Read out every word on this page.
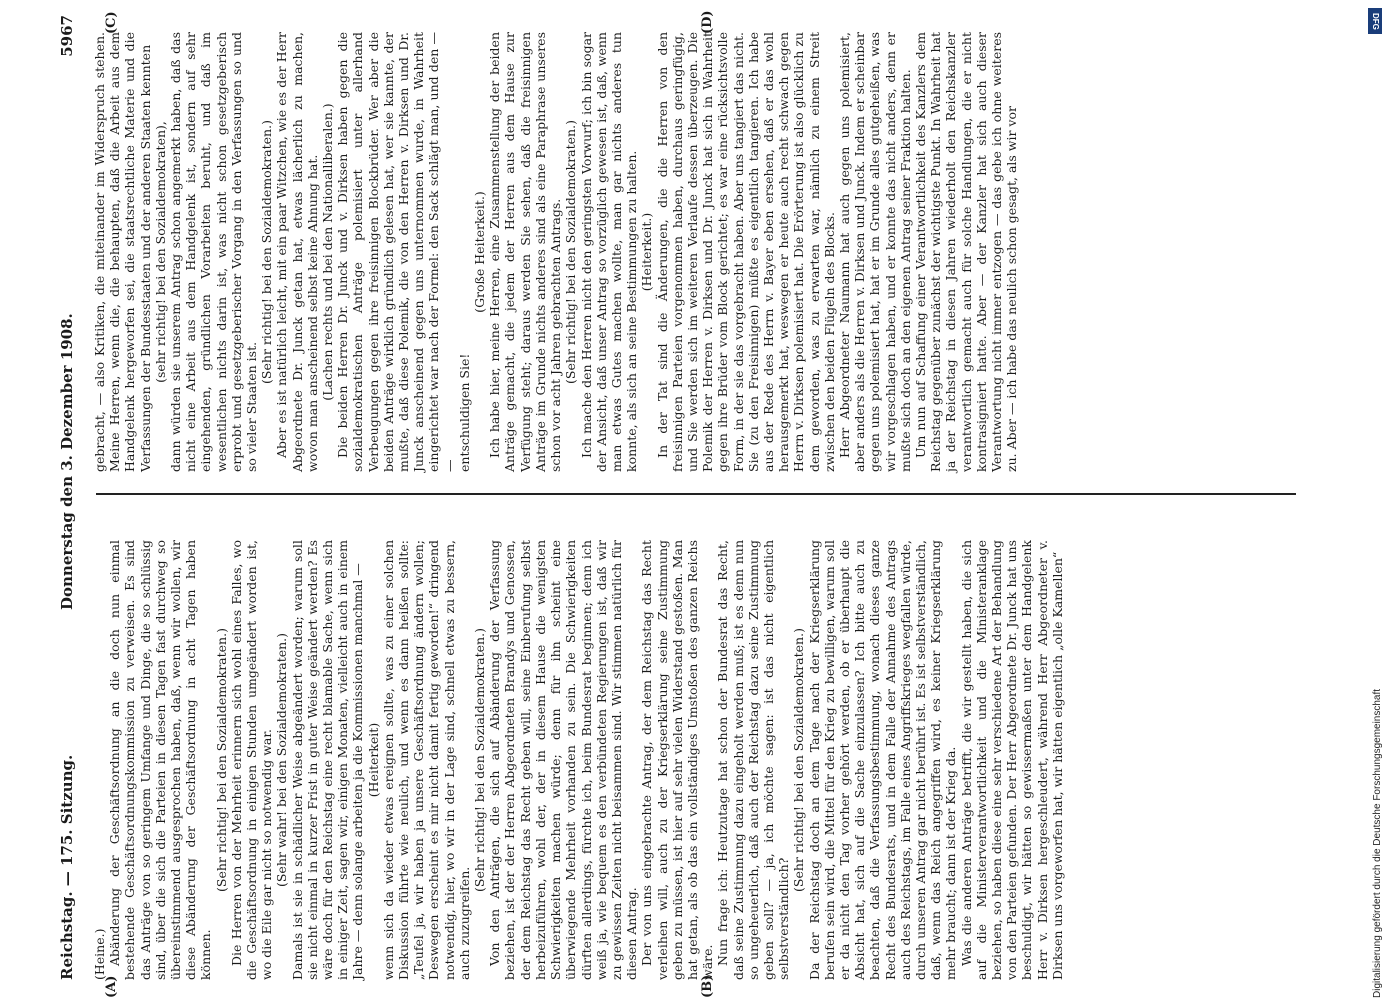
Reichstag. — 175. Sitzung.
Donnerstag den 3. Dezember 1908.
5967
(A)	(B)
(C)	(D)

(Heine.) Abänderung der Geschäftsordnung an die doch nun einmal bestehende Geschäftsordnungskommission zu verweisen. Es sind das Anträge von so geringem Umfange und Dinge, die so schlüssig sind, über die sich die Parteien in diesen Tagen fast durchweg so übereinstimmend ausgesprochen haben, daß, wenn wir wollen, wir diese Abänderung der Geschäftsordnung in acht Tagen haben können.

(Sehr richtig! bei den Sozialdemokraten.) Die Herren von der Mehrheit erinnern sich wohl eines Falles, wo die Geschäftsordnung in einigen Stunden umgeändert worden ist, wo die Eile gar nicht so notwendig war. (Sehr wahr! bei den Sozialdemokraten.) Damals ist sie in schädlicher Weise abgeändert worden; warum soll sie nicht einmal in kurzer Frist in guter Weise geändert werden? Es wäre doch für den Reichstag eine recht blamable Sache, wenn sich in einiger Zeit, sagen wir, einigen Monaten, vielleicht auch in einem Jahre — denn solange arbeiten ja die Kommissionen manchmal — (Heiterkeit) wenn sich da wieder etwas ereignen sollte, was zu einer solchen Diskussion führte wie neulich, und wenn es dann heißen sollte: „Teufel ja, wir haben ja unsere Geschäftsordnung ändern wollen; Deswegen erscheint es mir nicht damit fertig geworden!“ dringend notwendig, hier, wo wir in der Lage sind, schnell etwas zu bessern, auch zuzugreifen.

(Sehr richtig! bei den Sozialdemokraten.) Von den Anträgen, die sich auf Abänderung der Verfassung beziehen, ist der der Herren Abgeordneten Brandys und Genossen, der dem Reichstag das Recht geben will, seine Einberufung selbst herbeizuführen, wohl der, der in diesem Hause die wenigsten Schwierigkeiten machen würde; denn für ihn scheint eine überwiegende Mehrheit vorhanden zu sein. Die Schwierigkeiten dürften allerdings, fürchte ich, beim Bundesrat beginnen; denn ich weiß ja, wie bequem es den verbündeten Regierungen ist, daß wir zu gewissen Zeiten nicht beisammen sind. Wir stimmen natürlich für diesen Antrag. Der von uns eingebrachte Antrag, der dem Reichstag das Recht verleihen will, auch zu der Kriegserklärung seine Zustimmung geben zu müssen, ist hier auf sehr vielen Widerstand gestoßen. Man hat getan, als ob das ein vollständiges Umstoßen des ganzen Reichs wäre. Nun frage ich: Heutzutage hat schon der Bundesrat das Recht, daß seine Zustimmung dazu eingeholt werden muß; ist es denn nun so ungeheuerlich, daß auch der Reichstag dazu seine Zustimmung geben soll? — ja, ich möchte sagen: ist das nicht eigentlich selbstverständlich?

(Sehr richtig! bei den Sozialdemokraten.) Da der Reichstag doch an dem Tage nach der Kriegserklärung berufen sein wird, die Mittel für den Krieg zu bewilligen, warum soll er da nicht den Tag vorher gehört werden, ob er überhaupt die Absicht hat, sich auf die Sache einzulassen? Ich bitte auch zu beachten, daß die Verfassungsbestimmung, wonach dieses ganze Recht des Bundesrats, und in dem Falle der Annahme des Antrags auch des Reichstags, im Falle eines Angriffskrieges wegfallen würde, durch unseren Antrag gar nicht berührt ist. Es ist selbstverständlich, daß, wenn das Reich angegriffen wird, es keiner Kriegserklärung mehr braucht; dann ist der Krieg da. Was die anderen Anträge betrifft, die wir gestellt haben, die sich auf die Ministerverantwortlichkeit und die Ministeranklage beziehen, so haben diese eine sehr verschiedene Art der Behandlung von den Parteien gefunden. Der Herr Abgeordnete Dr. Junck hat uns beschuldigt, wir hätten so gewissermaßen unter dem Handgelenk Herr v. Dirksen hergeschleudert, während Herr Abgeordneter v. Dirksen uns vorgeworfen hat, wir hätten eigentlich „olle Kamellen“

gebracht, — also Kritiken, die miteinander im Widerspruch stehen. Meine Herren, wenn die, die behaupten, daß die Arbeit aus dem Handgelenk hergeworfen sei, die staatsrechtliche Materie und die Verfassungen der Bundesstaaten und der anderen Staaten kennten (sehr richtig! bei den Sozialdemokraten), dann würden sie unserem Antrag schon angemerkt haben, daß das nicht eine Arbeit aus dem Handgelenk ist, sondern auf sehr eingehenden, gründlichen Vorarbeiten beruht, und daß im wesentlichen nichts darin ist, was nicht schon gesetzgeberisch erprobt und gesetzgeberischer Vorgang in den Verfassungen so und so vieler Staaten ist.

(Sehr richtig! bei den Sozialdemokraten.) Aber es ist natürlich leicht, mit ein paar Witzchen, wie es der Herr Abgeordnete Dr. Junck getan hat, etwas lächerlich zu machen, wovon man anscheinend selbst keine Ahnung hat. (Lachen rechts und bei den Nationalliberalen.) Die beiden Herren Dr. Junck und v. Dirksen haben gegen die sozialdemokratischen Anträge polemisiert unter allerhand Verbeugungen gegen ihre freisinnigen Blockbrüder. Wer aber die beiden Anträge wirklich gründlich gelesen hat, wer sie kannte, der mußte, daß diese Polemik, die von den Herren v. Dirksen und Dr. Junck anscheinend gegen uns unternommen wurde, in Wahrheit eingerichtet war nach der Formel: den Sack schlägt man, und den — — entschuldigen Sie!

(Große Heiterkeit.) Ich habe hier, meine Herren, eine Zusammenstellung der beiden Anträge gemacht, die jedem der Herren aus dem Hause zur Verfügung steht; daraus werden Sie sehen, daß die freisinnigen Anträge im Grunde nichts anderes sind als eine Paraphrase unseres schon vor acht Jahren gebrachten Antrags. (Sehr richtig! bei den Sozialdemokraten.) Ich mache den Herren nicht den geringsten Vorwurf; ich bin sogar der Ansicht, daß unser Antrag so vorzüglich gewesen ist, daß, wenn man etwas Gutes machen wollte, man gar nichts anderes tun konnte, als sich an seine Bestimmungen zu halten. (Heiterkeit.) In der Tat sind die Änderungen, die die Herren von den freisinnigen Parteien vorgenommen haben, durchaus geringfügig, und Sie werden sich im weiteren Verlaufe dessen überzeugen. Die Polemik der Herren v. Dirksen und Dr. Junck hat sich in Wahrheit gegen ihre Brüder vom Block gerichtet; es war eine rücksichtsvolle Form, in der sie das vorgebracht haben. Aber uns tangiert das nicht. Sie (zu den Freisinnigen) müßte es eigentlich tangieren. Ich habe aus der Rede des Herrn v. Bayer eben ersehen, daß er das wohl herausgemerkt hat, weswegen er heute auch recht schwach gegen Herrn v. Dirksen polemisiert hat. Die Erörterung ist also glücklich zu dem geworden, was zu erwarten war, nämlich zu einem Streit zwischen den beiden Flügeln des Blocks. Herr Abgeordneter Naumann hat auch gegen uns polemisiert, aber anders als die Herren v. Dirksen und Junck. Indem er scheinbar gegen uns polemisiert hat, hat er im Grunde alles gutgeheißen, was wir vorgeschlagen haben, und er konnte das nicht anders, denn er mußte sich doch an den eigenen Antrag seiner Fraktion halten. Um nun auf Schaffung einer Verantwortlichkeit des Kanzlers dem Reichstag gegenüber zunächst der wichtigste Punkt. In Wahrheit hat ja der Reichstag in diesen Jahren wiederholt den Reichskanzler verantwortlich gemacht auch für solche Handlungen, die er nicht kontrasigniert hatte. Aber — der Kanzler hat sich auch dieser Verantwortung nicht immer entzogen — das gebe ich ohne weiteres zu. Aber — ich habe das neulich schon gesagt, als wir vor

DFG
Digitalisierung gefördert durch die Deutsche Forschungsgemeinschaft
